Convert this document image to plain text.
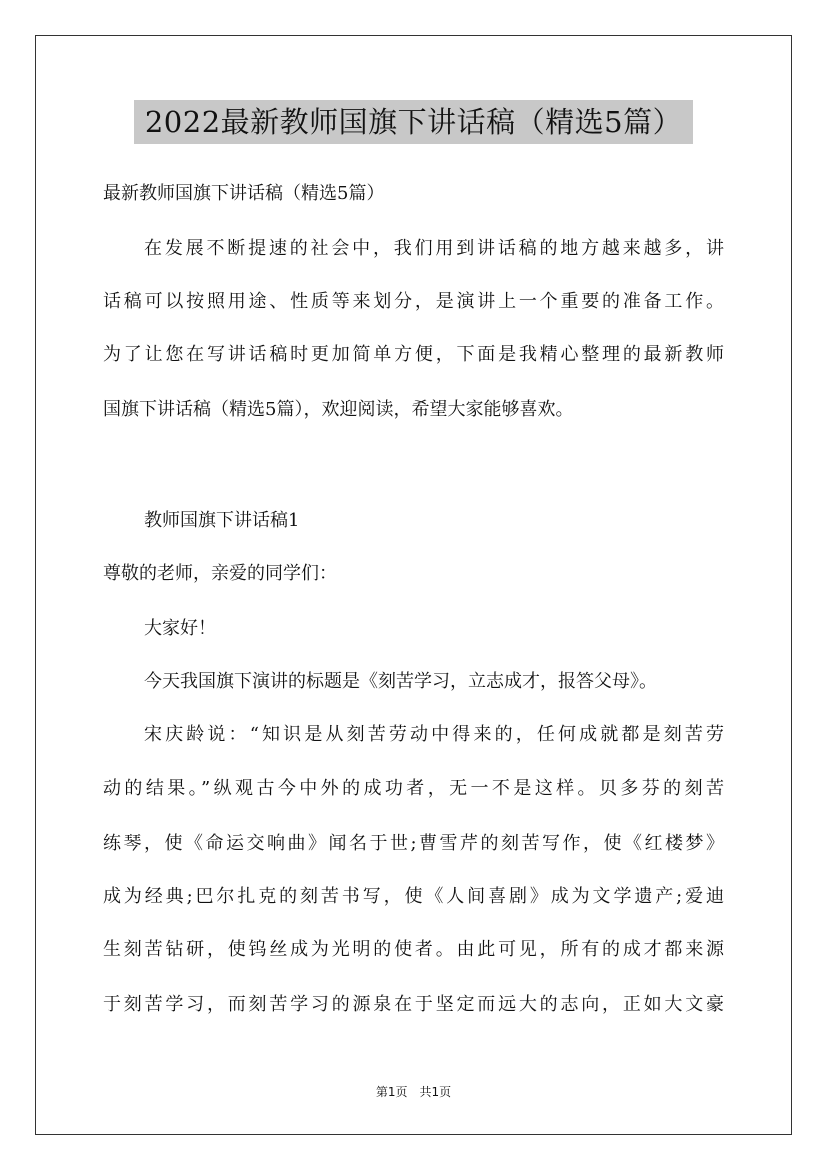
2022最新教师国旗下讲话稿（精选5篇）
最新教师国旗下讲话稿（精选5篇）
在发展不断提速的社会中，我们用到讲话稿的地方越来越多，讲
话稿可以按照用途、性质等来划分，是演讲上一个重要的准备工作。
为了让您在写讲话稿时更加简单方便，下面是我精心整理的最新教师
国旗下讲话稿（精选5篇），欢迎阅读，希望大家能够喜欢。
教师国旗下讲话稿1
尊敬的老师，亲爱的同学们：
大家好！
今天我国旗下演讲的标题是《刻苦学习，立志成才，报答父母》。
宋庆龄说：“知识是从刻苦劳动中得来的，任何成就都是刻苦劳
动的结果。”纵观古今中外的成功者，无一不是这样。贝多芬的刻苦
练琴，使《命运交响曲》闻名于世;曹雪芹的刻苦写作，使《红楼梦》
成为经典;巴尔扎克的刻苦书写，使《人间喜剧》成为文学遗产;爱迪
生刻苦钻研，使钨丝成为光明的使者。由此可见，所有的成才都来源
于刻苦学习，而刻苦学习的源泉在于坚定而远大的志向，正如大文豪
第1页　共1页
